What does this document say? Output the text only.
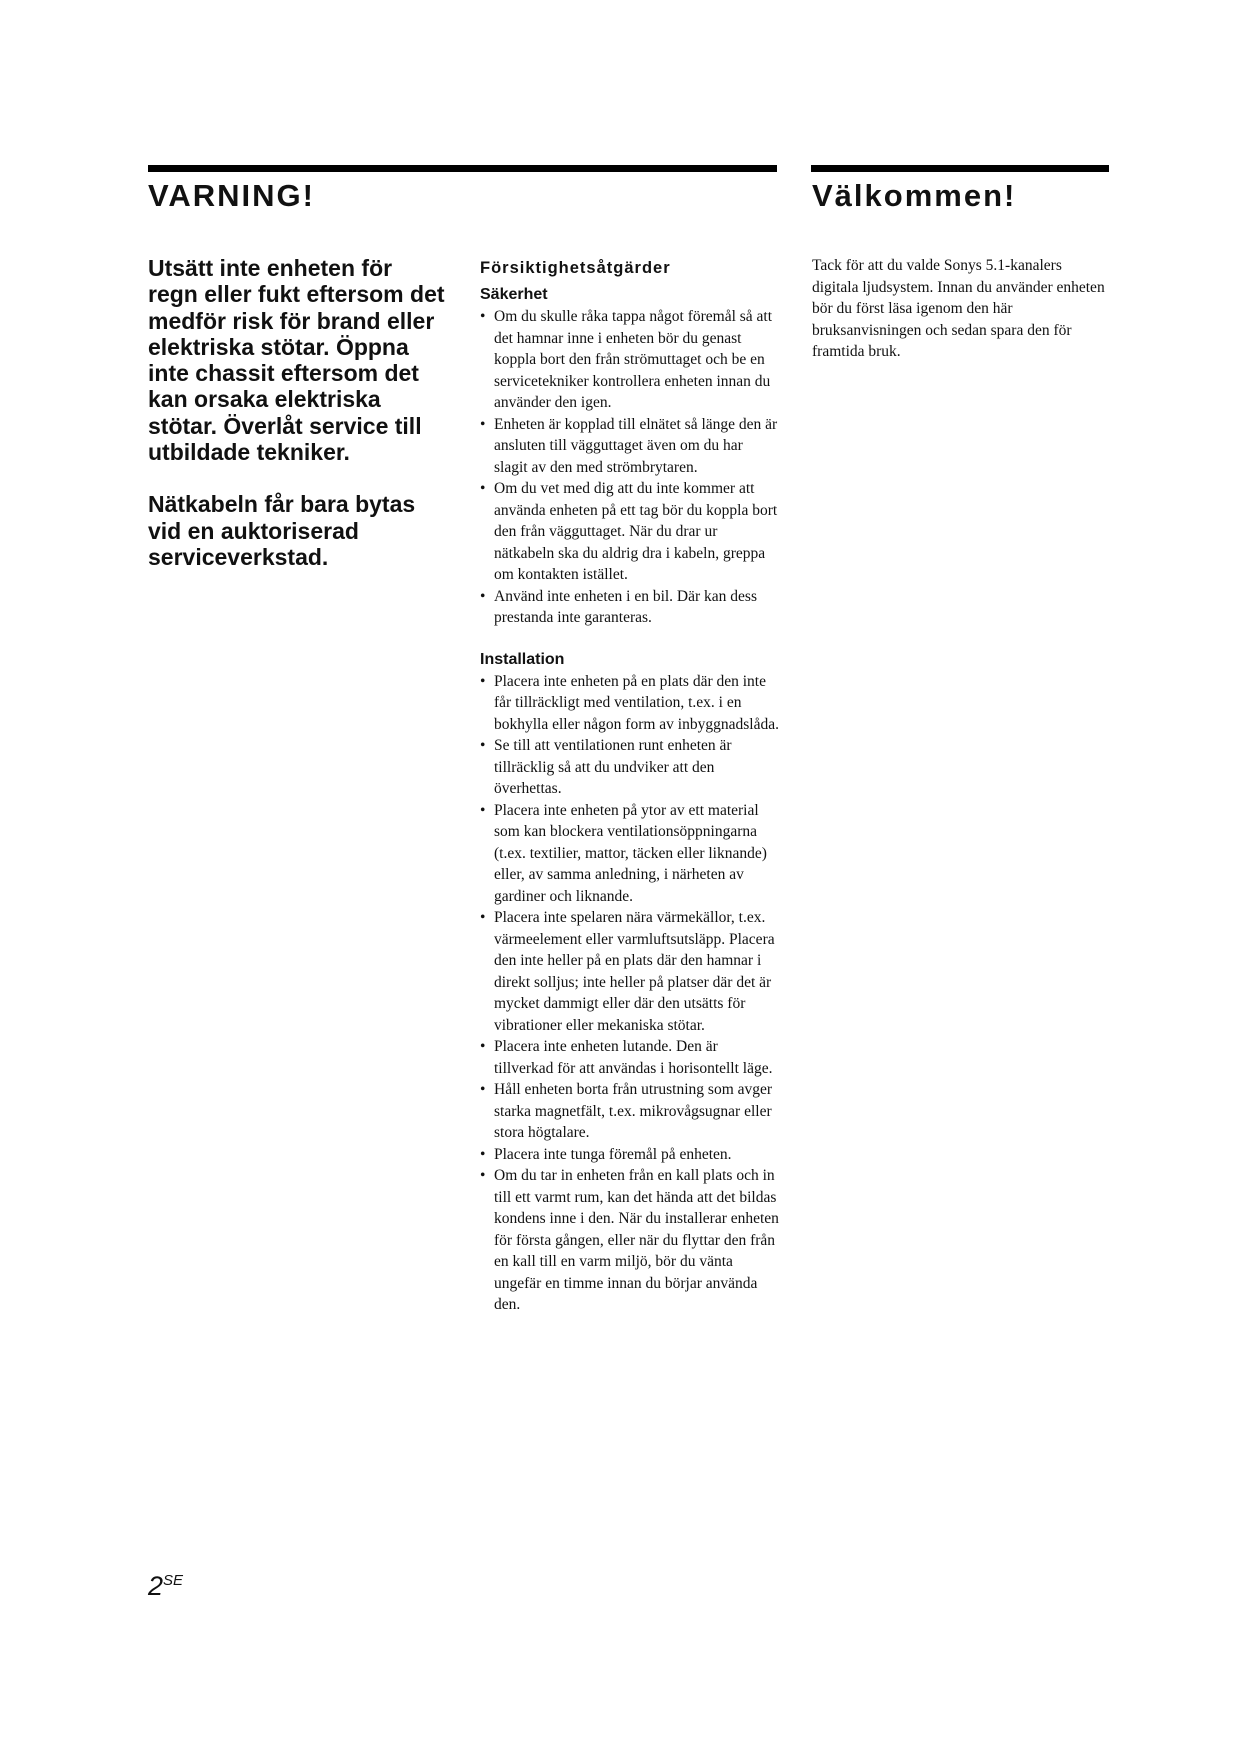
VARNING!	Välkommen!

Utsätt inte enheten för regn eller fukt eftersom det medför risk för brand eller elektriska stötar. Öppna inte chassit eftersom det kan orsaka elektriska stötar. Överlåt service till utbildade tekniker.

Nätkabeln får bara bytas vid en auktoriserad serviceverkstad.

Försiktighetsåtgärder
Säkerhet
• Om du skulle råka tappa något föremål så att det hamnar inne i enheten bör du genast koppla bort den från strömuttaget och be en servicetekniker kontrollera enheten innan du använder den igen.
• Enheten är kopplad till elnätet så länge den är ansluten till vägguttaget även om du har slagit av den med strömbrytaren.
• Om du vet med dig att du inte kommer att använda enheten på ett tag bör du koppla bort den från vägguttaget. När du drar ur nätkabeln ska du aldrig dra i kabeln, greppa om kontakten istället.
• Använd inte enheten i en bil. Där kan dess prestanda inte garanteras.
Installation
• Placera inte enheten på en plats där den inte får tillräckligt med ventilation, t.ex. i en bokhylla eller någon form av inbyggnadslåda.
• Se till att ventilationen runt enheten är tillräcklig så att du undviker att den överhettas.
• Placera inte enheten på ytor av ett material som kan blockera ventilationsöppningarna (t.ex. textilier, mattor, täcken eller liknande) eller, av samma anledning, i närheten av gardiner och liknande.
• Placera inte spelaren nära värmekällor, t.ex. värmeelement eller varmluftsutsläpp. Placera den inte heller på en plats där den hamnar i direkt solljus; inte heller på platser där det är mycket dammigt eller där den utsätts för vibrationer eller mekaniska stötar.
• Placera inte enheten lutande. Den är tillverkad för att användas i horisontellt läge.
• Håll enheten borta från utrustning som avger starka magnetfält, t.ex. mikrovågsugnar eller stora högtalare.
• Placera inte tunga föremål på enheten.
• Om du tar in enheten från en kall plats och in till ett varmt rum, kan det hända att det bildas kondens inne i den. När du installerar enheten för första gången, eller när du flyttar den från en kall till en varm miljö, bör du vänta ungefär en timme innan du börjar använda den.

Tack för att du valde Sonys 5.1-kanalers digitala ljudsystem. Innan du använder enheten bör du först läsa igenom den här bruksanvisningen och sedan spara den för framtida bruk.

$2^{SE}$
